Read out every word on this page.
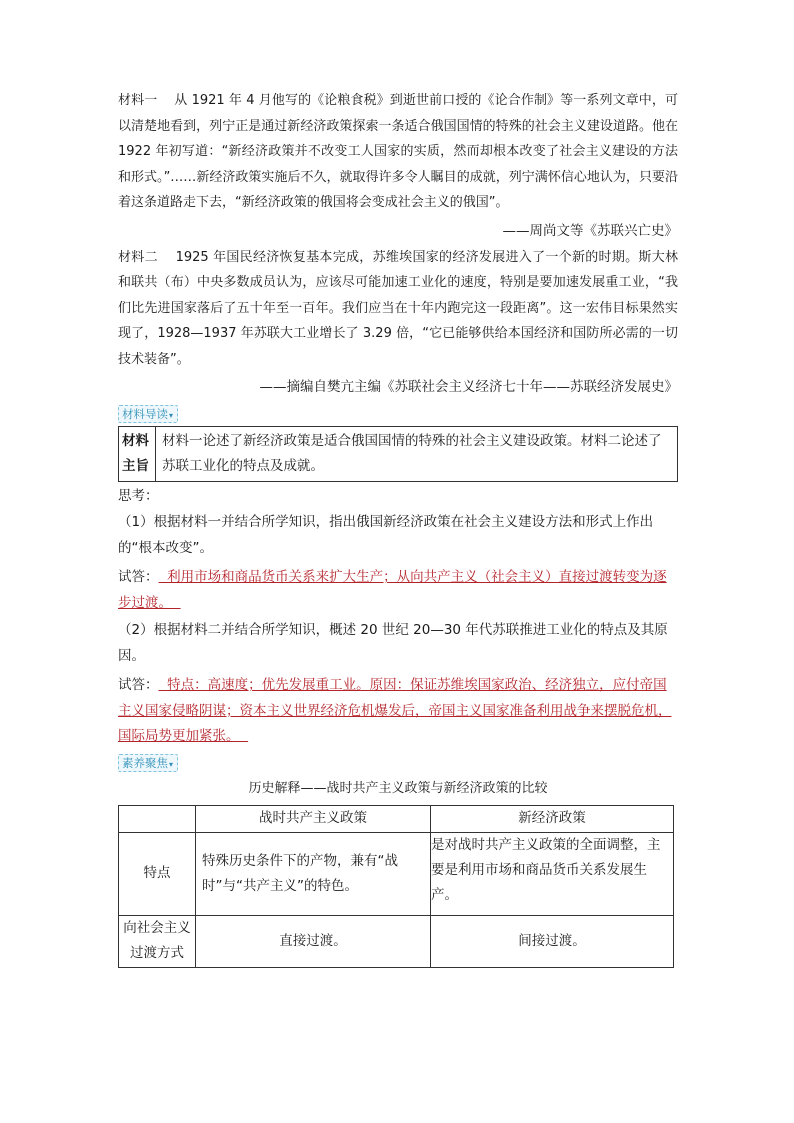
材料一 从 1921 年 4 月他写的《论粮食税》到逝世前口授的《论合作制》等一系列文章中，可以清楚地看到，列宁正是通过新经济政策探索一条适合俄国国情的特殊的社会主义建设道路。他在 1922 年初写道：“新经济政策并不改变工人国家的实质，然而却根本改变了社会主义建设的方法和形式。”……新经济政策实施后不久，就取得许多令人瞩目的成就，列宁满怀信心地认为，只要沿着这条道路走下去，“新经济政策的俄国将会变成社会主义的俄国”。

——周尚文等《苏联兴亡史》

材料二 1925 年国民经济恢复基本完成，苏维埃国家的经济发展进入了一个新的时期。斯大林和联共（布）中央多数成员认为，应该尽可能加速工业化的速度，特别是要加速发展重工业，“我们比先进国家落后了五十年至一百年。我们应当在十年内跑完这一段距离”。这一宏伟目标果然实现了，1928—1937 年苏联大工业增长了 3.29 倍，“它已能够供给本国经济和国防所必需的一切技术装备”。

——摘编自樊亢主编《苏联社会主义经济七十年——苏联经济发展史》
材料导读▾
材料主旨	材料一论述了新经济政策是适合俄国国情的特殊的社会主义建设政策。材料二论述了苏联工业化的特点及成就。
思考：

（1）根据材料一并结合所学知识，指出俄国新经济政策在社会主义建设方法和形式上作出的“根本改变”。

试答：  利用市场和商品货币关系来扩大生产；从向共产主义（社会主义）直接过渡转变为逐步过渡。

（2）根据材料二并结合所学知识，概述 20 世纪 20—30 年代苏联推进工业化的特点及其原因。

试答：  特点：高速度；优先发展重工业。原因：保证苏维埃国家政治、经济独立，应付帝国主义国家侵略阴谋；资本主义世界经济危机爆发后，帝国主义国家准备利用战争来摆脱危机，国际局势更加紧张。

素养聚焦▾
历史解释——战时共产主义政策与新经济政策的比较
	战时共产主义政策	新经济政策
特点	特殊历史条件下的产物，兼有“战时”与“共产主义”的特色。	是对战时共产主义政策的全面调整，主要是利用市场和商品货币关系发展生产。
向社会主义过渡方式	直接过渡。	间接过渡。
